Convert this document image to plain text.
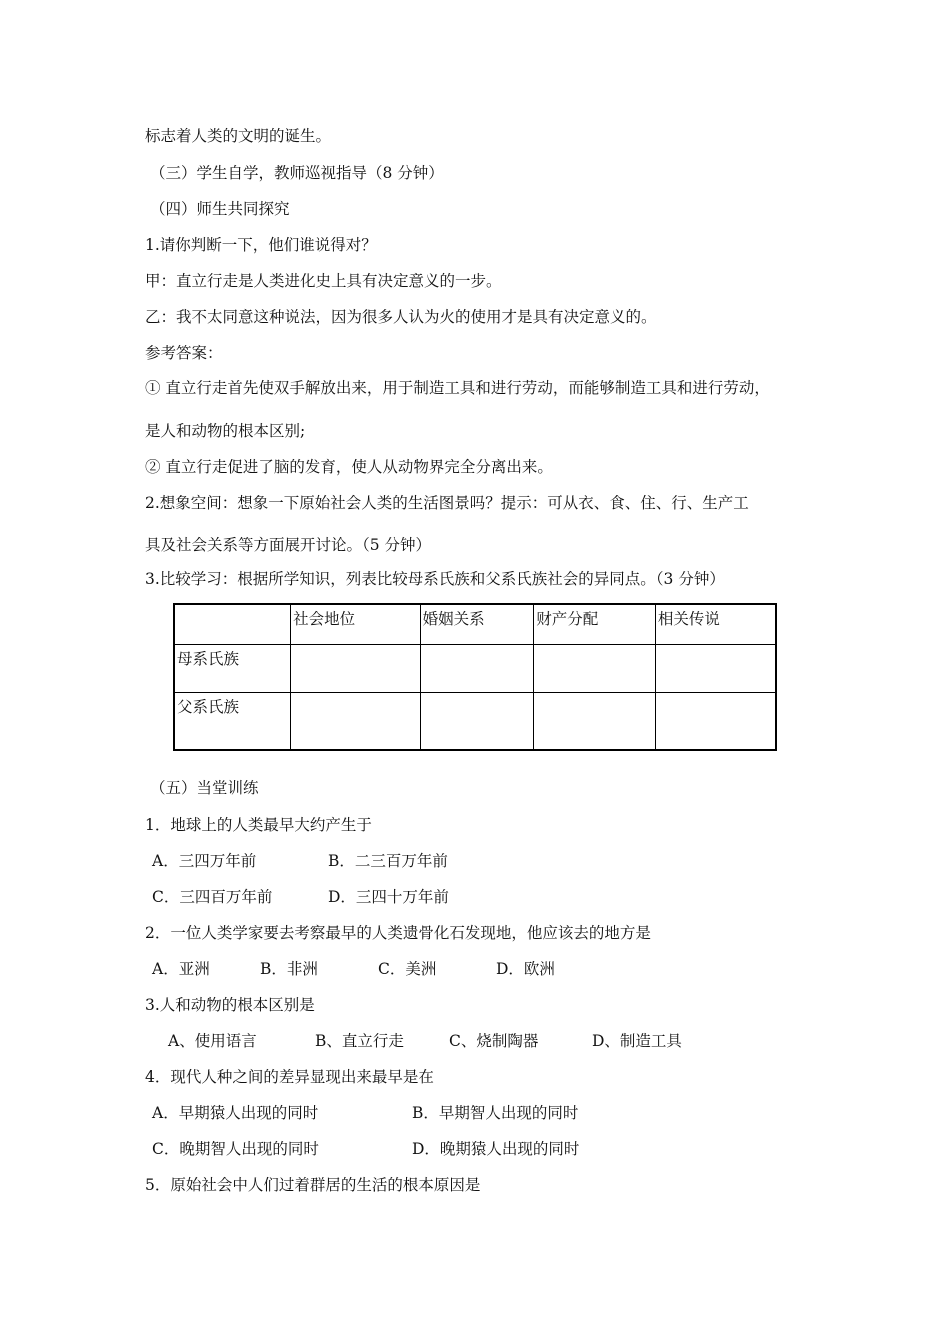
标志着人类的文明的诞生。
（三）学生自学，教师巡视指导（8 分钟）
（四）师生共同探究
1.请你判断一下，他们谁说得对？
甲：直立行走是人类进化史上具有决定意义的一步。
乙：我不太同意这种说法，因为很多人认为火的使用才是具有决定意义的。
参考答案：
① 直立行走首先使双手解放出来，用于制造工具和进行劳动，而能够制造工具和进行劳动，
是人和动物的根本区别;
② 直立行走促进了脑的发育，使人从动物界完全分离出来。
2.想象空间：想象一下原始社会人类的生活图景吗？提示：可从衣、食、住、行、生产工
具及社会关系等方面展开讨论。（5 分钟）
3.比较学习：根据所学知识，列表比较母系氏族和父系氏族社会的异同点。（3 分钟）
	社会地位	婚姻关系	财产分配	相关传说
母系氏族				
父系氏族				
（五）当堂训练
1．地球上的人类最早大约产生于
A．三四万年前	B．二三百万年前
C．三四百万年前	D．三四十万年前
2．一位人类学家要去考察最早的人类遗骨化石发现地，他应该去的地方是
A．亚洲	B．非洲	C．美洲	D．欧洲
3.人和动物的根本区别是
A、使用语言	B、直立行走	C、烧制陶器	D、制造工具
4．现代人种之间的差异显现出来最早是在
A．早期猿人出现的同时	B．早期智人出现的同时
C．晚期智人出现的同时	D．晚期猿人出现的同时
5．原始社会中人们过着群居的生活的根本原因是
